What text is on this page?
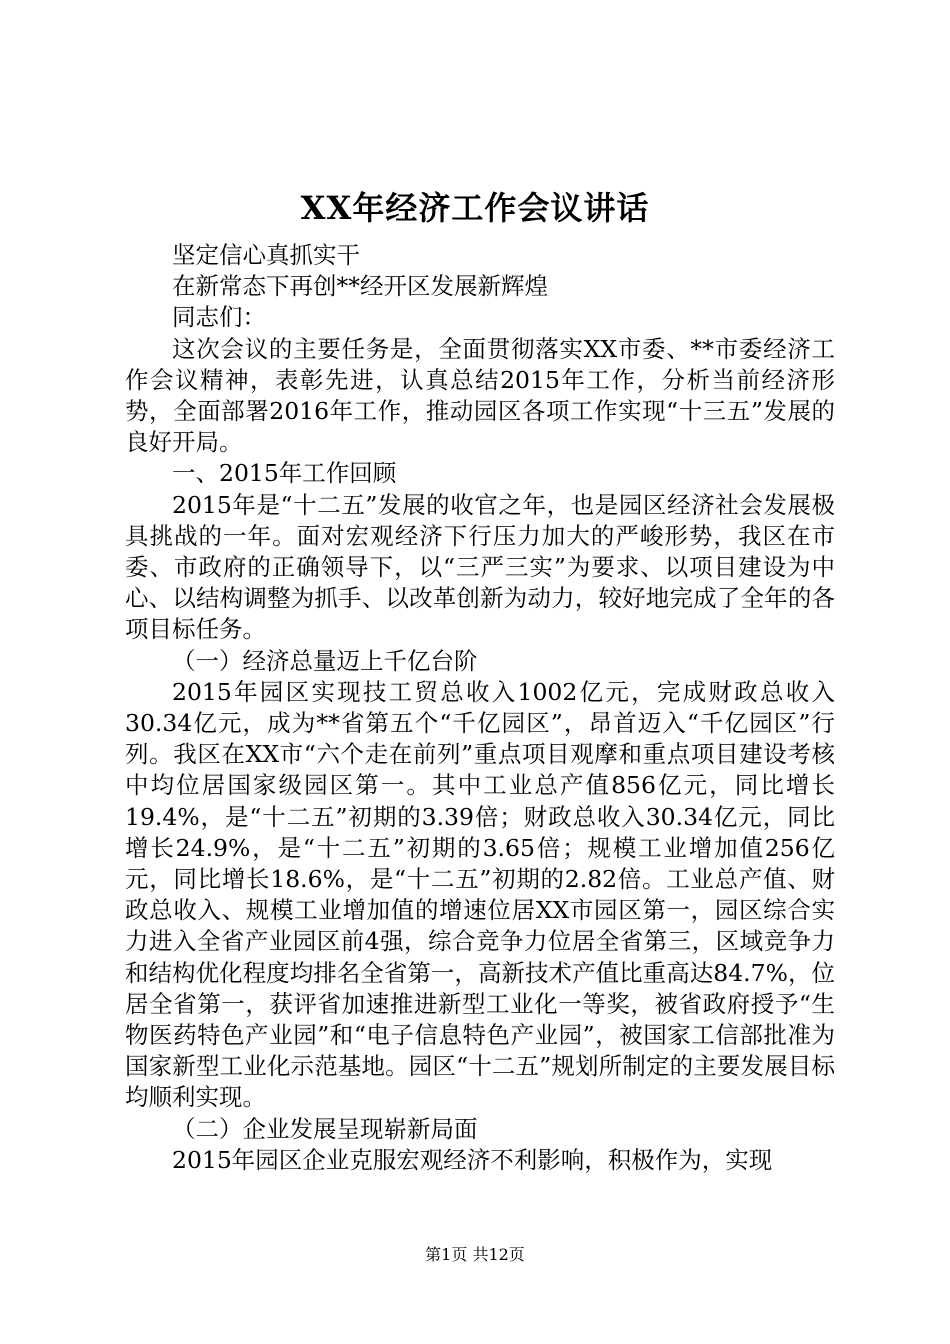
XX年经济工作会议讲话

坚定信心真抓实干

在新常态下再创**经开区发展新辉煌

同志们：

这次会议的主要任务是，全面贯彻落实XX市委、**市委经济工作会议精神，表彰先进，认真总结2015年工作，分析当前经济形势，全面部署2016年工作，推动园区各项工作实现“十三五”发展的良好开局。

一、2015年工作回顾

2015年是“十二五”发展的收官之年，也是园区经济社会发展极具挑战的一年。面对宏观经济下行压力加大的严峻形势，我区在市委、市政府的正确领导下，以“三严三实”为要求、以项目建设为中心、以结构调整为抓手、以改革创新为动力，较好地完成了全年的各项目标任务。

（一）经济总量迈上千亿台阶

2015年园区实现技工贸总收入1002亿元，完成财政总收入30.34亿元，成为**省第五个“千亿园区”，昂首迈入“千亿园区”行列。我区在XX市“六个走在前列”重点项目观摩和重点项目建设考核中均位居国家级园区第一。其中工业总产值856亿元，同比增长19.4%，是“十二五”初期的3.39倍；财政总收入30.34亿元，同比增长24.9%，是“十二五”初期的3.65倍；规模工业增加值256亿元，同比增长18.6%，是“十二五”初期的2.82倍。工业总产值、财政总收入、规模工业增加值的增速位居XX市园区第一，园区综合实力进入全省产业园区前4强，综合竞争力位居全省第三，区域竞争力和结构优化程度均排名全省第一，高新技术产值比重高达84.7%，位居全省第一，获评省加速推进新型工业化一等奖，被省政府授予“生物医药特色产业园”和“电子信息特色产业园”，被国家工信部批准为国家新型工业化示范基地。园区“十二五”规划所制定的主要发展目标均顺利实现。

（二）企业发展呈现崭新局面

2015年园区企业克服宏观经济不利影响，积极作为，实现

第1页 共12页
